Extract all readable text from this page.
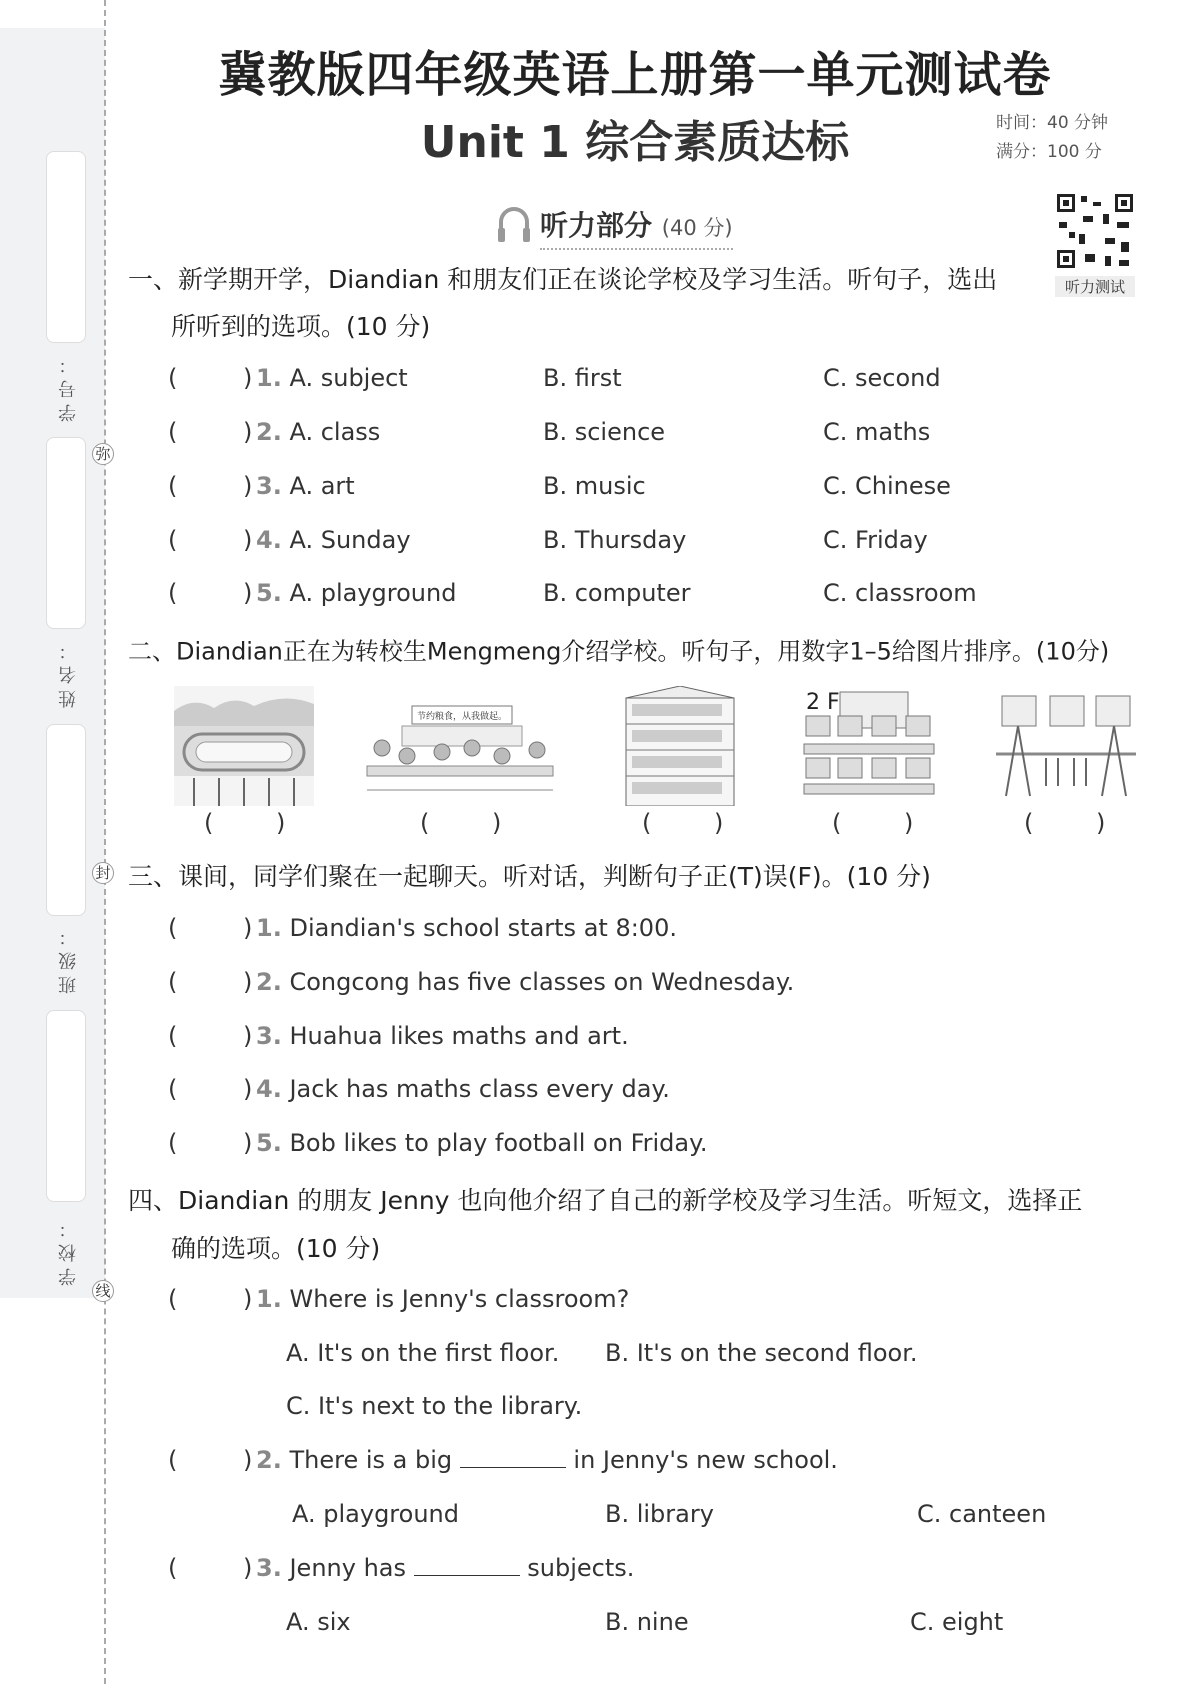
学号：
姓名：
班级：
学校：
弥
封
线
冀教版四年级英语上册第一单元测试卷
Unit 1 综合素质达标	时间：40 分钟
满分：100 分
听力测试
听力部分 (40 分)
一、新学期开学，Diandian 和朋友们正在谈论学校及学习生活。听句子，选出
所听到的选项。(10 分)
(	) 1. A. subject	B. first	C. second
(	) 2. A. class	B. science	C. maths
(	) 3. A. art	B. music	C. Chinese
(	) 4. A. Sunday	B. Thursday	C. Friday
(	) 5. A. playground	B. computer	C. classroom
二、Diandian正在为转校生Mengmeng介绍学校。听句子，用数字1–5给图片排序。(10分)
节约粮食，从我做起。
2 F
(	)	(	)	(	)	(	)	(	)
三、课间，同学们聚在一起聊天。听对话，判断句子正(T)误(F)。(10 分)
(	) 1. Diandian's school starts at 8:00.
(	) 2. Congcong has five classes on Wednesday.
(	) 3. Huahua likes maths and art.
(	) 4. Jack has maths class every day.
(	) 5. Bob likes to play football on Friday.
四、Diandian 的朋友 Jenny 也向他介绍了自己的新学校及学习生活。听短文，选择正
确的选项。(10 分)
(	) 1. Where is Jenny's classroom?
A. It's on the first floor. B. It's on the second floor.
C. It's next to the library.
(	) 2. There is a big	in Jenny's new school.
A. playground	B. library	C. canteen
(	) 3. Jenny has	subjects.
A. six	B. nine	C. eight
